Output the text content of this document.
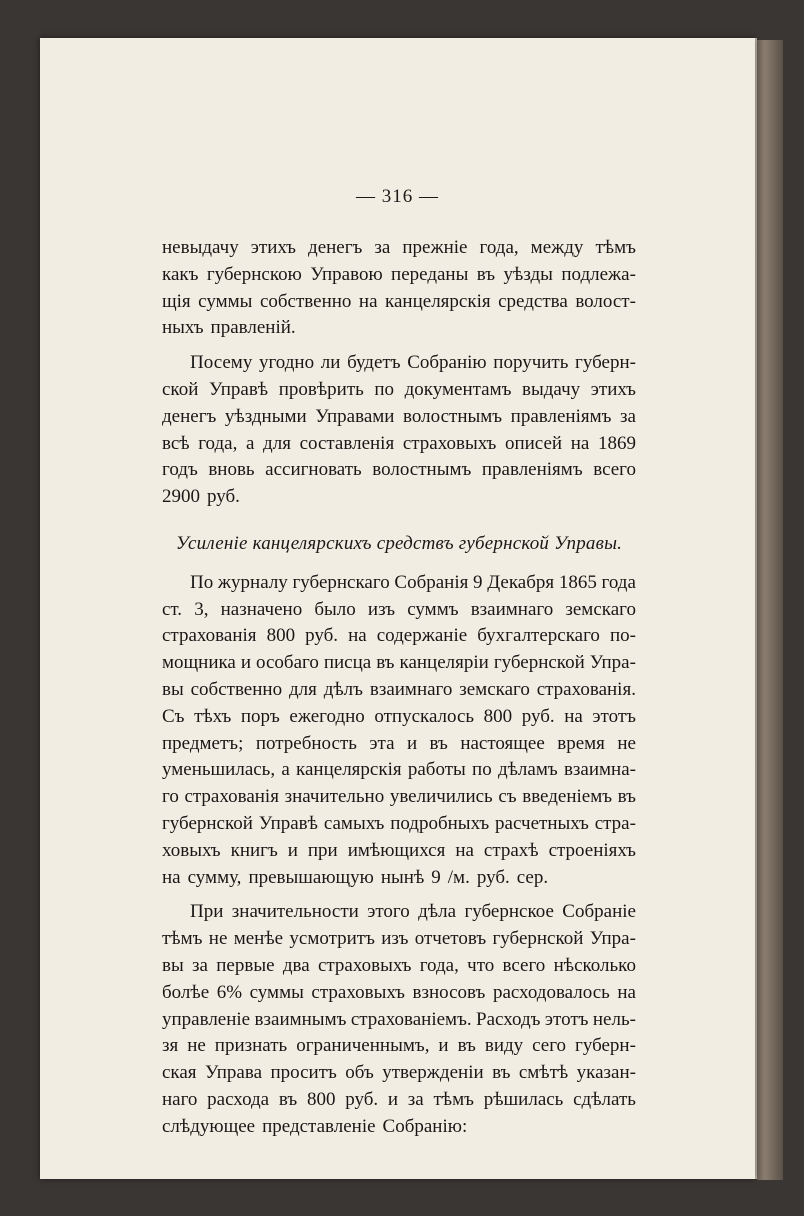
— 316 —
невыдачу этихъ денегъ за прежніе года, между тѣмъ
какъ губернскою Управою переданы въ уѣзды подлежа-
щія суммы собственно на канцелярскія средства волост-
ныхъ правленій.
Посему угодно ли будетъ Собранію поручить губерн-
ской Управѣ провѣрить по документамъ выдачу этихъ
денегъ уѣздными Управами волостнымъ правленіямъ за
всѣ года, а для составленія страховыхъ описей на 1869
годъ вновь ассигновать волостнымъ правленіямъ всего
2900 руб.
Усиленіе канцелярскихъ средствъ губернской Управы.
По журналу губернскаго Собранія 9 Декабря 1865 года
ст. 3, назначено было изъ суммъ взаимнаго земскаго
страхованія 800 руб. на содержаніе бухгалтерскаго по-
мощника и особаго писца въ канцеляріи губернской Упра-
вы собственно для дѣлъ взаимнаго земскаго страхованія.
Съ тѣхъ поръ ежегодно отпускалось 800 руб. на этотъ
предметъ; потребность эта и въ настоящее время не
уменьшилась, а канцелярскія работы по дѣламъ взаимна-
го страхованія значительно увеличились съ введеніемъ въ
губернской Управѣ самыхъ подробныхъ расчетныхъ стра-
ховыхъ книгъ и при имѣющихся на страхѣ строеніяхъ
на сумму, превышающую нынѣ 9 /м. руб. сер.
При значительности этого дѣла губернское Собраніе
тѣмъ не менѣе усмотритъ изъ отчетовъ губернской Упра-
вы за первые два страховыхъ года, что всего нѣсколько
болѣе 6% суммы страховыхъ взносовъ расходовалось на
управленіе взаимнымъ страхованіемъ. Расходъ этотъ нель-
зя не признать ограниченнымъ, и въ виду сего губерн-
ская Управа проситъ объ утвержденіи въ смѣтѣ указан-
наго расхода въ 800 руб. и за тѣмъ рѣшилась сдѣлать
слѣдующее представленіе Собранію:
